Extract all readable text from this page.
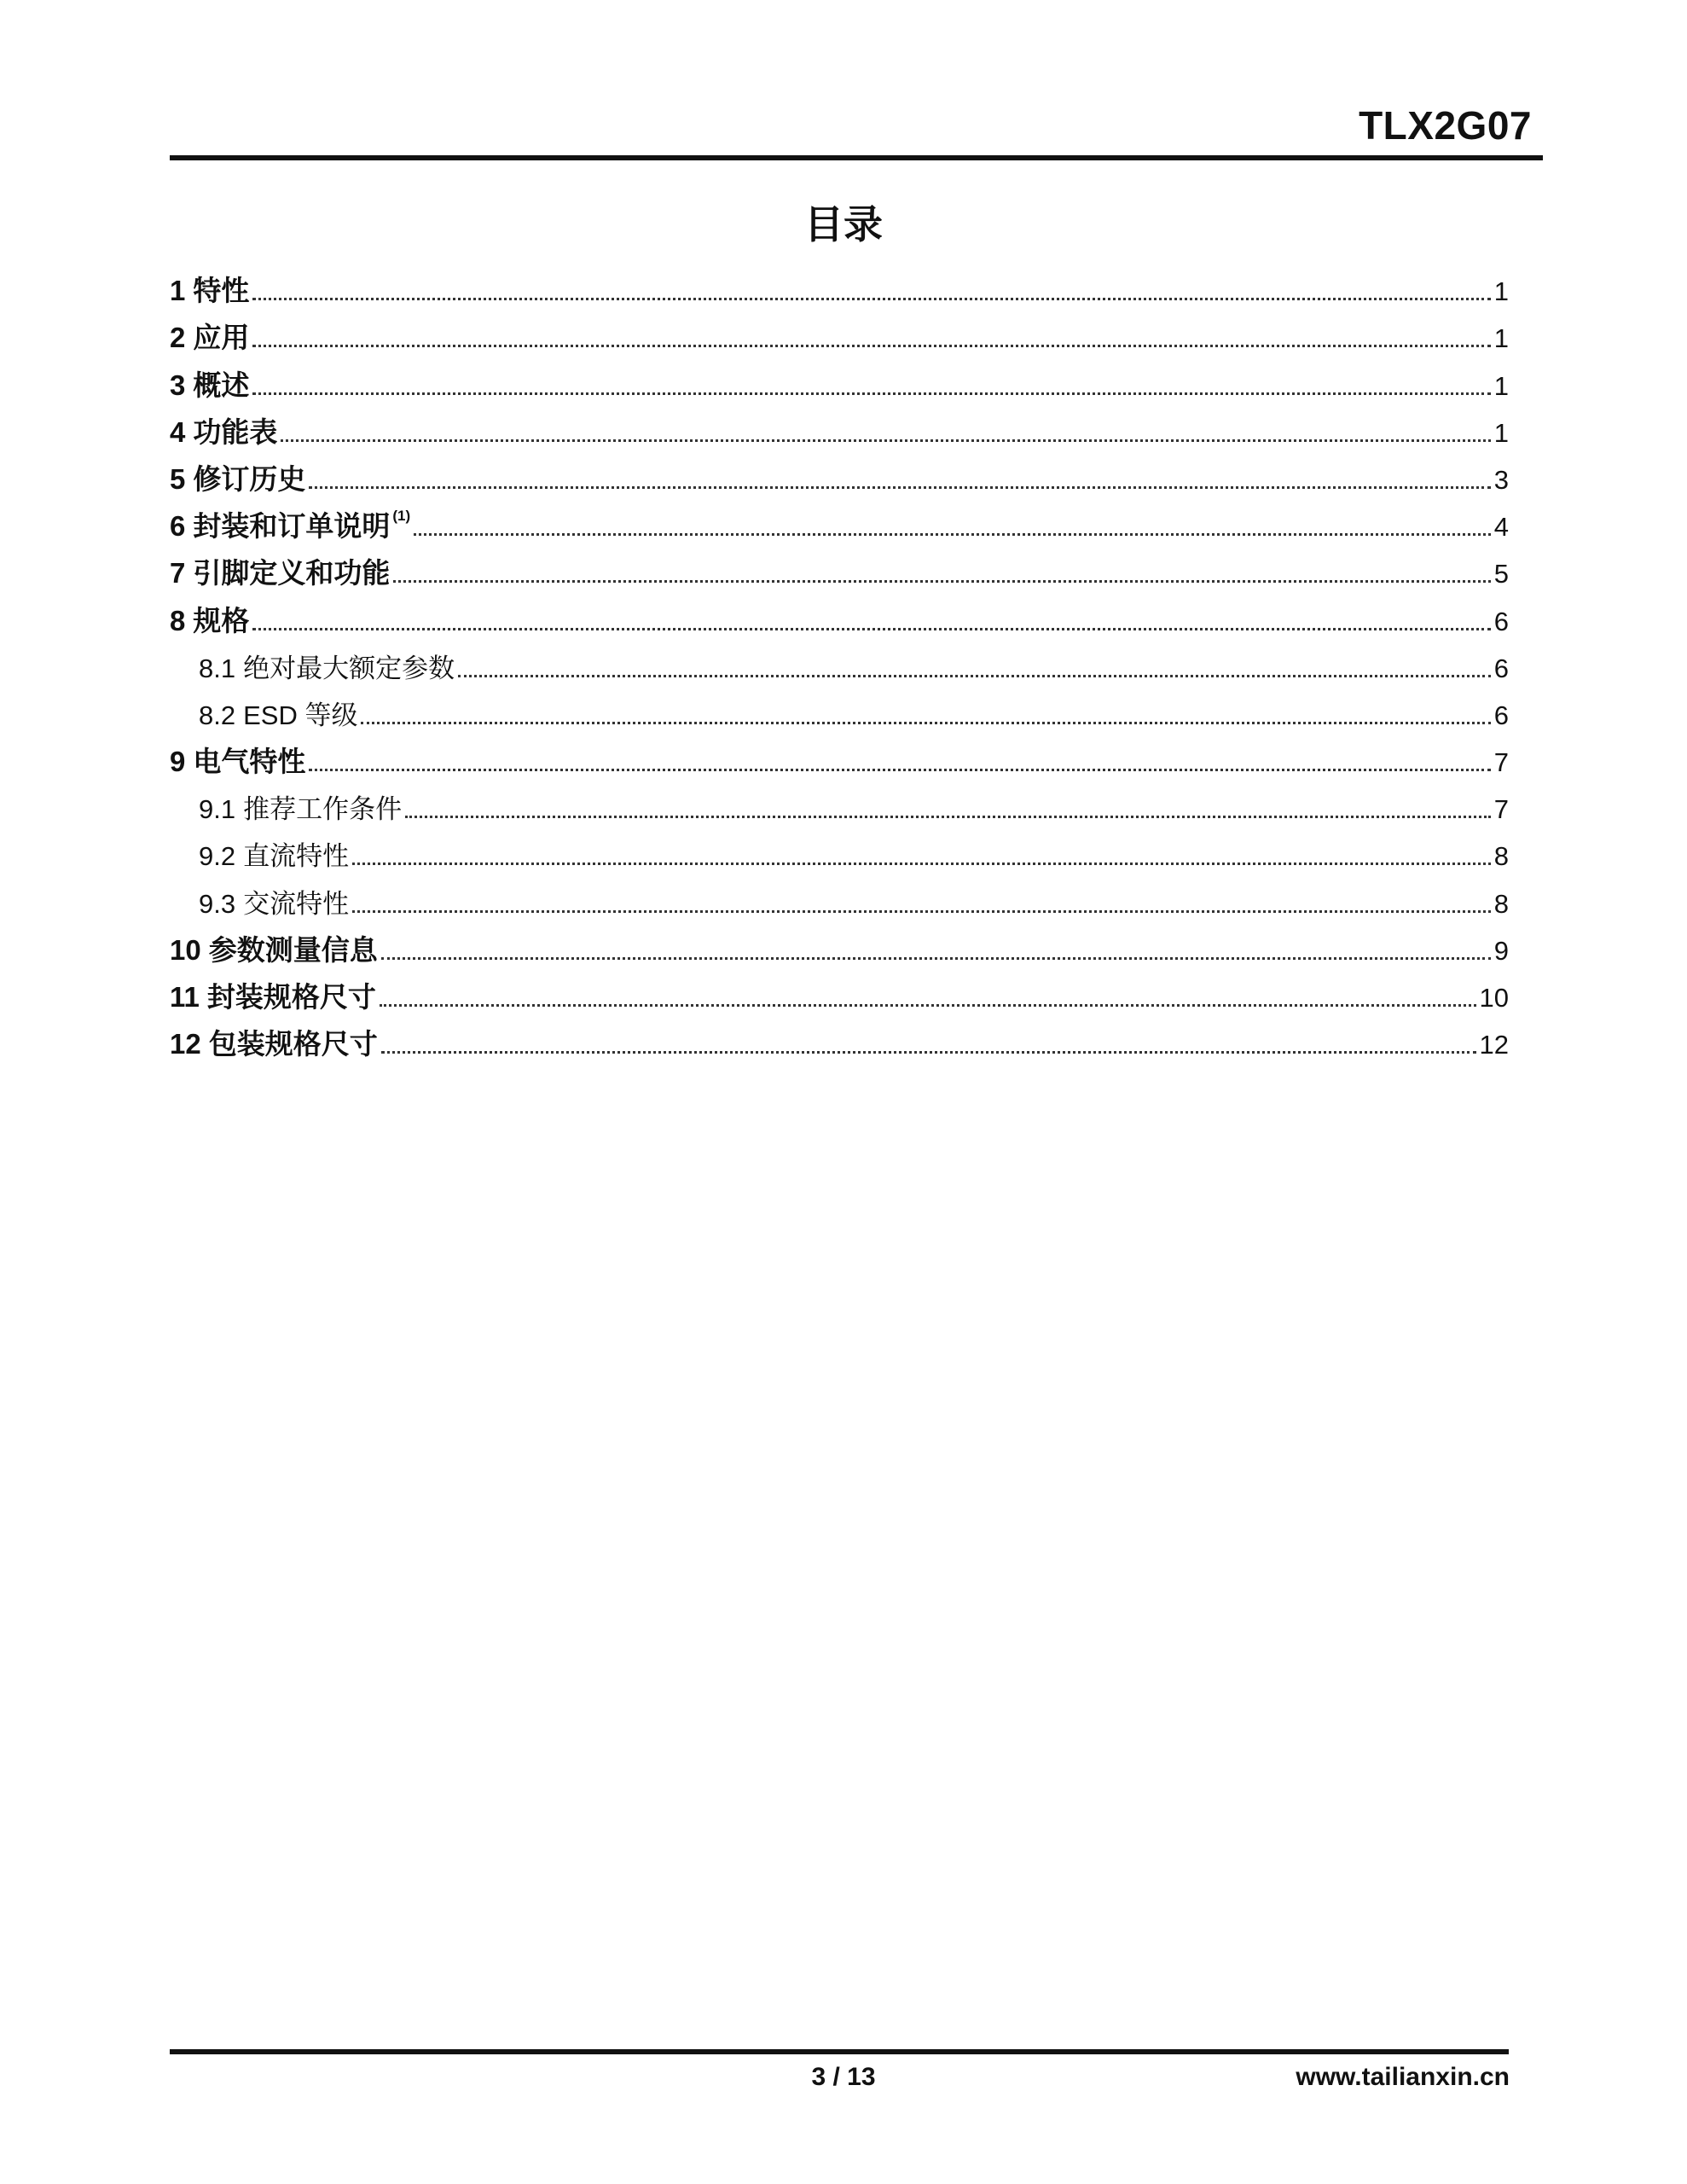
TLX2G07
目录
1 特性	1
2 应用	1
3 概述	1
4 功能表	1
5 修订历史	3
6 封装和订单说明 $^{(1)}$	4
7 引脚定义和功能	5
8 规格	6
8.1 绝对最大额定参数	6
8.2 ESD 等级	6
9 电气特性	7
9.1 推荐工作条件	7
9.2 直流特性	8
9.3 交流特性	8
10 参数测量信息	9
11 封装规格尺寸	10
12 包装规格尺寸	12
3 / 13	www.tailianxin.cn
